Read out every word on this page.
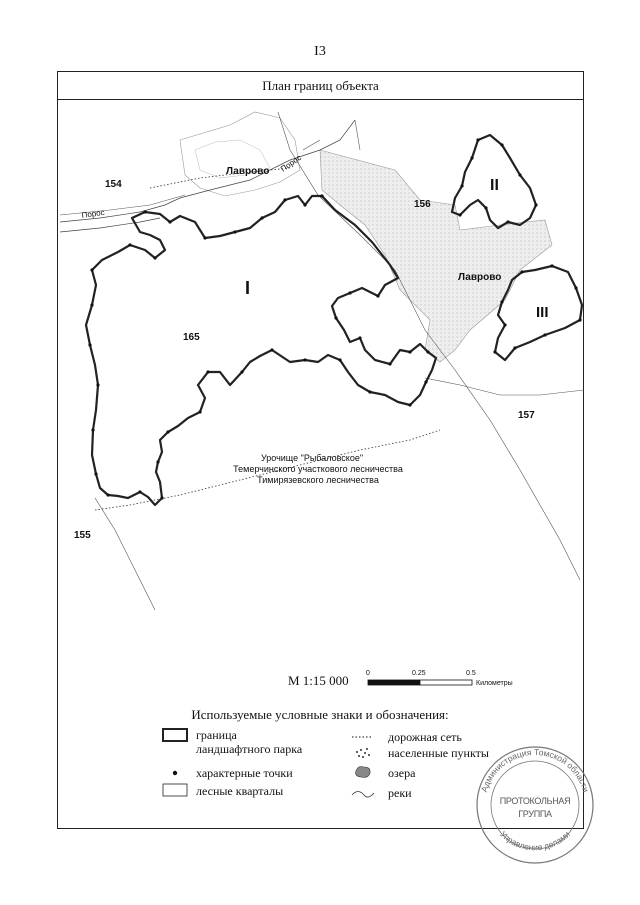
I3
План границ объекта
154
155
156
157
165
Лаврово
Лаврово
Порос
Порос
I
II
III
Урочище "Рыбаловское"
Темерчинского участкового лесничества
Тимирязевского лесничества
Администрация Томской области
Управление делами
М 1:15 000 0	0.25	0.5
Километры
Используемые условные знаки и обозначения:
граница
ландшафтного парка
характерные точки
лесные кварталы
дорожная сеть
населенные пункты
озера
реки
ПРОТОКОЛЬНАЯ
ГРУППА
